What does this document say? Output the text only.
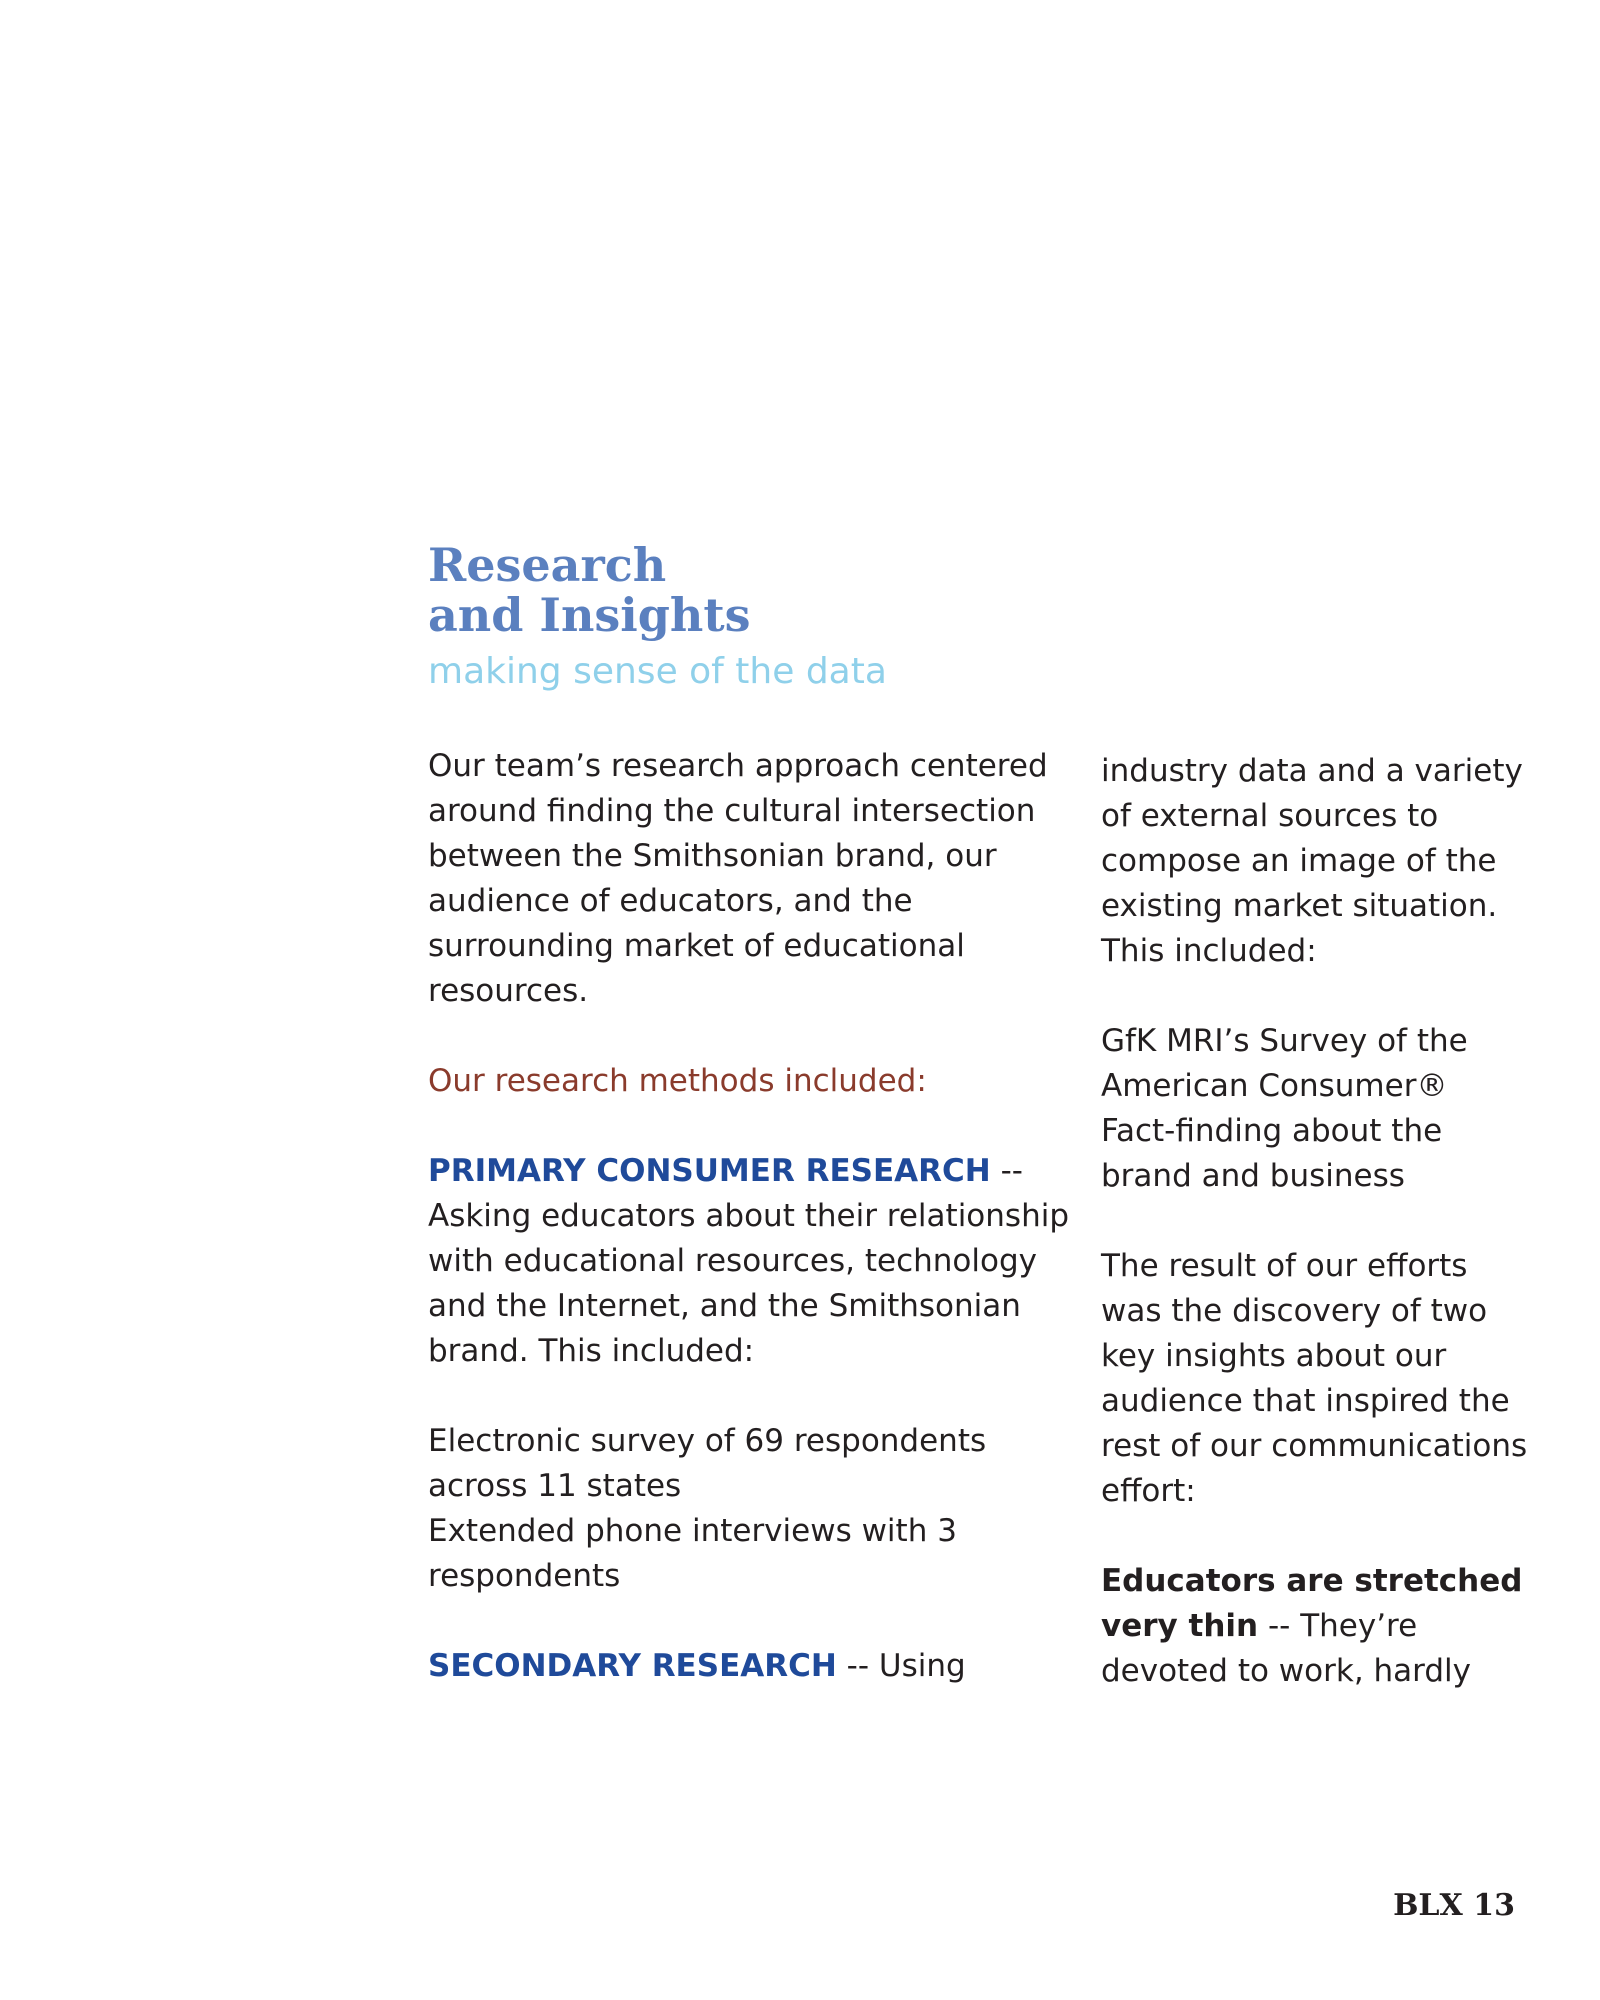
Research
and Insights

making sense of the data

Our team’s research approach centered around finding the cultural intersection between the Smithsonian brand, our audience of educators, and the surrounding market of educational resources.

Our research methods included:

PRIMARY CONSUMER RESEARCH --
Asking educators about their relationship with educational resources, technology and the Internet, and the Smithsonian brand. This included:

Electronic survey of 69 respondents across 11 states

Extended phone interviews with 3 respondents

SECONDARY RESEARCH -- Using

industry data and a variety of external sources to compose an image of the existing market situation. This included:

GfK MRI’s Survey of the American Consumer®

Fact-finding about the brand and business

The result of our efforts was the discovery of two key insights about our audience that inspired the rest of our communications effort:

Educators are stretched very thin -- They’re devoted to work, hardly

BLX 13
